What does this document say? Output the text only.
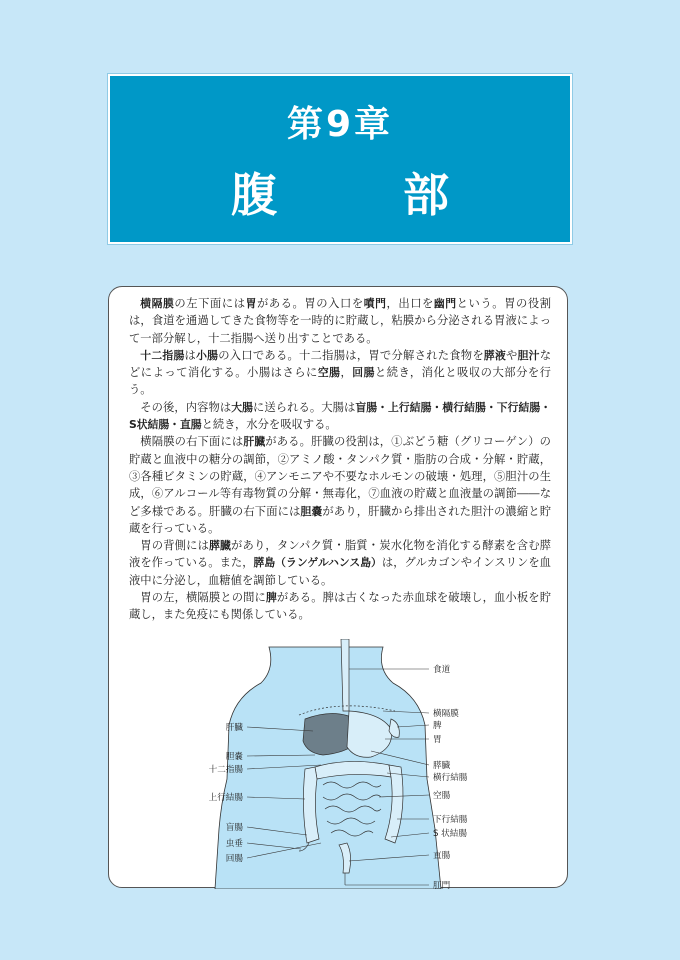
第9章
腹　部

横隔膜の左下面には胃がある。胃の入口を噴門，出口を幽門という。胃の役割は，食道を通過してきた食物等を一時的に貯蔵し，粘膜から分泌される胃液によって一部分解し，十二指腸へ送り出すことである。

十二指腸は小腸の入口である。十二指腸は，胃で分解された食物を膵液や胆汁などによって消化する。小腸はさらに空腸，回腸と続き，消化と吸収の大部分を行う。

その後，内容物は大腸に送られる。大腸は盲腸・上行結腸・横行結腸・下行結腸・S状結腸・直腸と続き，水分を吸収する。

横隔膜の右下面には肝臓がある。肝臓の役割は，①ぶどう糖（グリコーゲン）の貯蔵と血液中の糖分の調節，②アミノ酸・タンパク質・脂肪の合成・分解・貯蔵，③各種ビタミンの貯蔵，④アンモニアや不要なホルモンの破壊・処理，⑤胆汁の生成，⑥アルコール等有毒物質の分解・無毒化，⑦血液の貯蔵と血液量の調節――など多様である。肝臓の右下面には胆嚢があり，肝臓から排出された胆汁の濃縮と貯蔵を行っている。

胃の背側には膵臓があり，タンパク質・脂質・炭水化物を消化する酵素を含む膵液を作っている。また，膵島（ランゲルハンス島）は，グルカゴンやインスリンを血液中に分泌し，血糖値を調節している。

胃の左，横隔膜との間に脾がある。脾は古くなった赤血球を破壊し，血小板を貯蔵し，また免疫にも関係している。

食道
横隔膜
脾
胃
膵臓
横行結腸
空腸
下行結腸
S 状結腸
直腸
肛門
肝臓
胆嚢
十二指腸
上行結腸
盲腸
虫垂
回腸
